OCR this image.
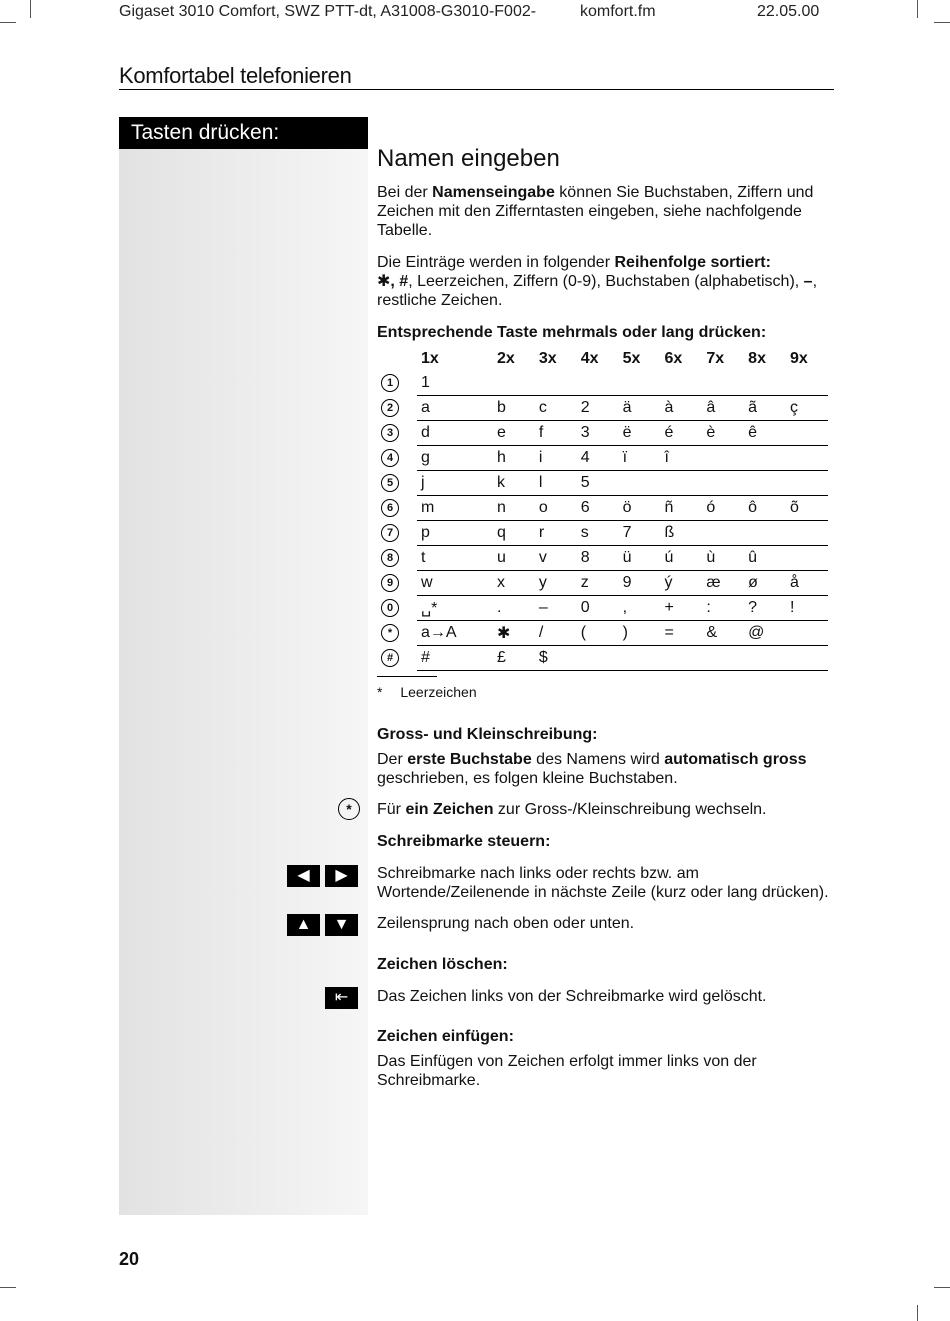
Gigaset 3010 Comfort, SWZ PTT-dt, A31008-G3010-F002-	komfort.fm	22.05.00
Komfortabel telefonieren
Tasten drücken:
Namen eingeben
Bei der Namenseingabe können Sie Buchstaben, Ziffern und Zeichen mit den Zifferntasten eingeben, siehe nachfolgende Tabelle.
Die Einträge werden in folgender Reihenfolge sortiert:
✱, #, Leerzeichen, Ziffern (0-9), Buchstaben (alphabetisch), –, restliche Zeichen.
Entsprechende Taste mehrmals oder lang drücken:
	1x	2x	3x	4x	5x	6x	7x	8x	9x
1	1								
2	a	b	c	2	ä	à	â	ã	ç
3	d	e	f	3	ë	é	è	ê	
4	g	h	i	4	ï	î			
5	j	k	l	5					
6	m	n	o	6	ö	ñ	ó	ô	õ
7	p	q	r	s	7	ß			
8	t	u	v	8	ü	ú	ù	û	
9	w	x	y	z	9	ý	æ	ø	å
0	␣*	.	–	0	,	+	:	?	!
*	a→A	✱	/	(	)	=	&	@	
#	#	£	$						
* Leerzeichen
Gross- und Kleinschreibung:
Der erste Buchstabe des Namens wird automatisch gross geschrieben, es folgen kleine Buchstaben.
*	Für ein Zeichen zur Gross-/Kleinschreibung wechseln.
Schreibmarke steuern:
◀	▶	Schreibmarke nach links oder rechts bzw. am Wortende/Zeilenende in nächste Zeile (kurz oder lang drücken).
▲	▼	Zeilensprung nach oben oder unten.
Zeichen löschen:
⇤	Das Zeichen links von der Schreibmarke wird gelöscht.
Zeichen einfügen:
Das Einfügen von Zeichen erfolgt immer links von der Schreibmarke.
20
